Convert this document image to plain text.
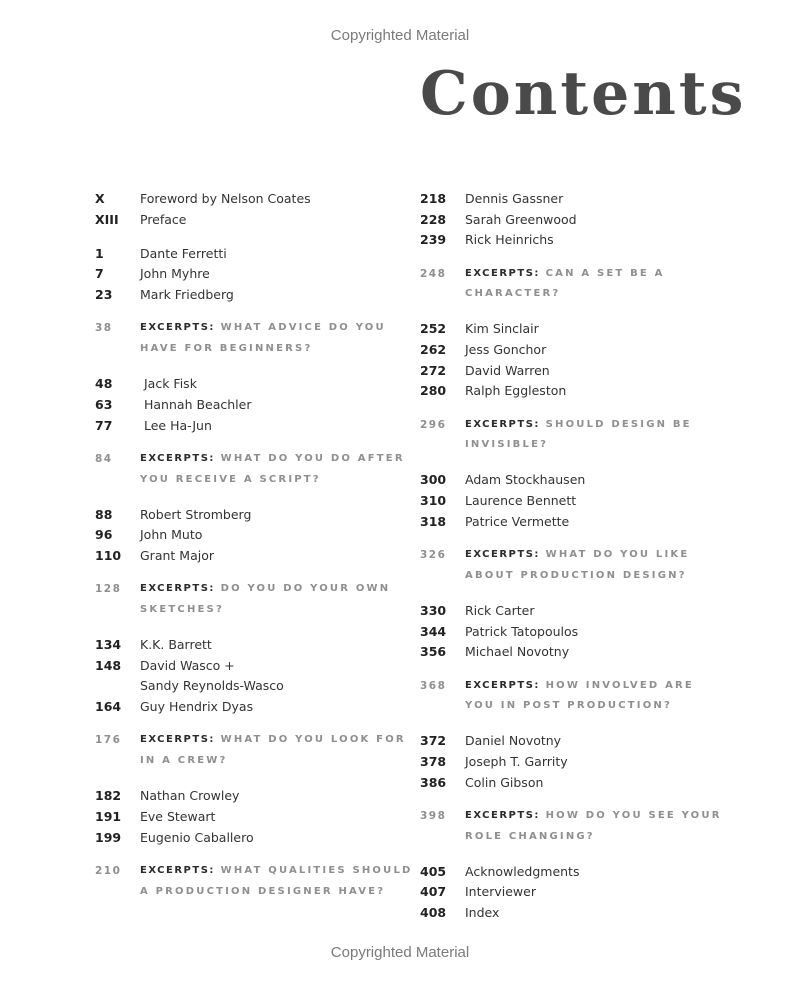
Copyrighted Material
Contents
X	Foreword by Nelson Coates
XIII	Preface
1	Dante Ferretti
7	John Myhre
23	Mark Friedberg
38	EXCERPTS: WHAT ADVICE DO YOU
HAVE FOR BEGINNERS?
48	Jack Fisk
63	Hannah Beachler
77	Lee Ha-Jun
84	EXCERPTS: WHAT DO YOU DO AFTER
YOU RECEIVE A SCRIPT?
88	Robert Stromberg
96	John Muto
110	Grant Major
128	EXCERPTS: DO YOU DO YOUR OWN
SKETCHES?
134	K.K. Barrett
148	David Wasco +
Sandy Reynolds-Wasco
164	Guy Hendrix Dyas
176	EXCERPTS: WHAT DO YOU LOOK FOR
IN A CREW?
182	Nathan Crowley
191	Eve Stewart
199	Eugenio Caballero
210	EXCERPTS: WHAT QUALITIES SHOULD
A PRODUCTION DESIGNER HAVE?
218	Dennis Gassner
228	Sarah Greenwood
239	Rick Heinrichs
248	EXCERPTS: CAN A SET BE A
CHARACTER?
252	Kim Sinclair
262	Jess Gonchor
272	David Warren
280	Ralph Eggleston
296	EXCERPTS: SHOULD DESIGN BE
INVISIBLE?
300	Adam Stockhausen
310	Laurence Bennett
318	Patrice Vermette
326	EXCERPTS: WHAT DO YOU LIKE
ABOUT PRODUCTION DESIGN?
330	Rick Carter
344	Patrick Tatopoulos
356	Michael Novotny
368	EXCERPTS: HOW INVOLVED ARE
YOU IN POST PRODUCTION?
372	Daniel Novotny
378	Joseph T. Garrity
386	Colin Gibson
398	EXCERPTS: HOW DO YOU SEE YOUR
ROLE CHANGING?
405	Acknowledgments
407	Interviewer
408	Index
Copyrighted Material
